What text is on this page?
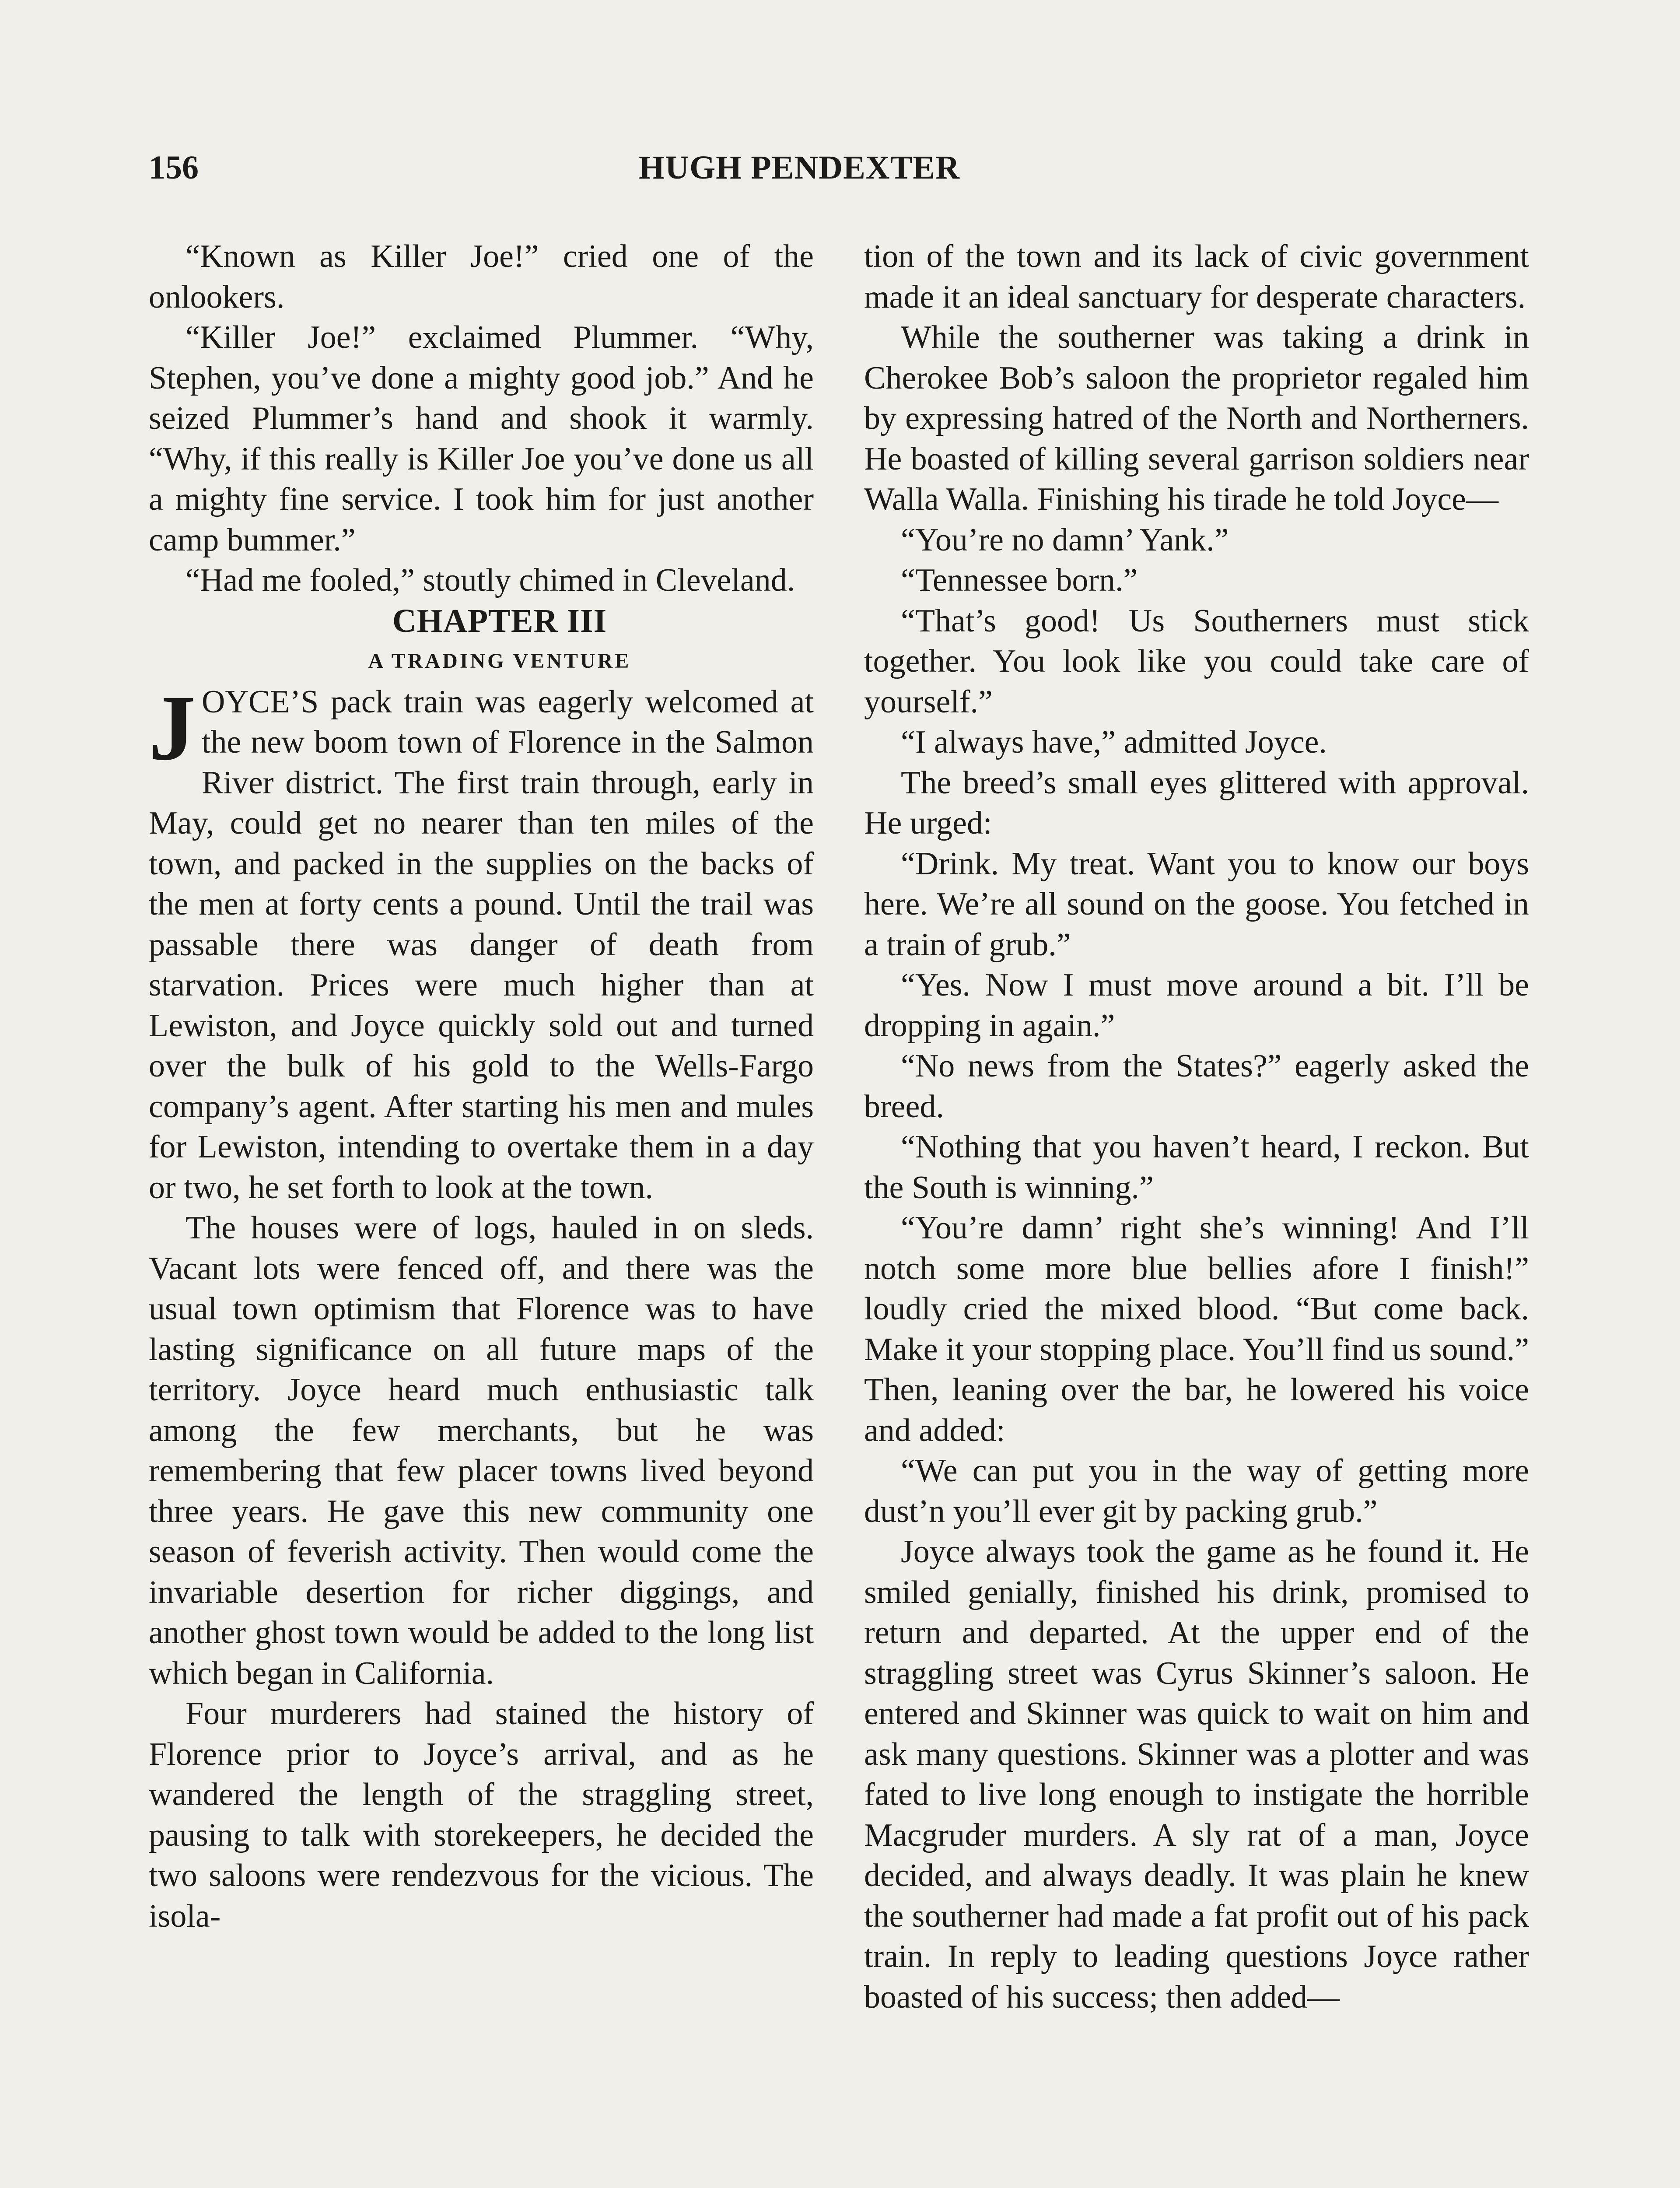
156	HUGH PENDEXTER

“Known as Killer Joe!” cried one of the onlookers.

“Killer Joe!” exclaimed Plummer. “Why, Stephen, you’ve done a mighty good job.” And he seized Plummer’s hand and shook it warmly. “Why, if this really is Killer Joe you’ve done us all a mighty fine service. I took him for just another camp bummer.”

“Had me fooled,” stoutly chimed in Cleveland.

CHAPTER III

A TRADING VENTURE

JOYCE’S pack train was eagerly welcomed at the new boom town of Florence in the Salmon River district. The first train through, early in May, could get no nearer than ten miles of the town, and packed in the supplies on the backs of the men at forty cents a pound. Until the trail was passable there was danger of death from starvation. Prices were much higher than at Lewiston, and Joyce quickly sold out and turned over the bulk of his gold to the Wells-Fargo company’s agent. After starting his men and mules for Lewiston, intending to overtake them in a day or two, he set forth to look at the town.

The houses were of logs, hauled in on sleds. Vacant lots were fenced off, and there was the usual town optimism that Florence was to have lasting significance on all future maps of the territory. Joyce heard much enthusiastic talk among the few merchants, but he was remembering that few placer towns lived beyond three years. He gave this new community one season of feverish activity. Then would come the invariable desertion for richer diggings, and another ghost town would be added to the long list which began in California.

Four murderers had stained the history of Florence prior to Joyce’s arrival, and as he wandered the length of the straggling street, pausing to talk with storekeepers, he decided the two saloons were rendezvous for the vicious. The isola-

tion of the town and its lack of civic government made it an ideal sanctuary for desperate characters.

While the southerner was taking a drink in Cherokee Bob’s saloon the proprietor regaled him by expressing hatred of the North and Northerners. He boasted of killing several garrison soldiers near Walla Walla. Finishing his tirade he told Joyce—

“You’re no damn’ Yank.”

“Tennessee born.”

“That’s good! Us Southerners must stick together. You look like you could take care of yourself.”

“I always have,” admitted Joyce.

The breed’s small eyes glittered with approval. He urged:

“Drink. My treat. Want you to know our boys here. We’re all sound on the goose. You fetched in a train of grub.”

“Yes. Now I must move around a bit. I’ll be dropping in again.”

“No news from the States?” eagerly asked the breed.

“Nothing that you haven’t heard, I reckon. But the South is winning.”

“You’re damn’ right she’s winning! And I’ll notch some more blue bellies afore I finish!” loudly cried the mixed blood. “But come back. Make it your stopping place. You’ll find us sound.” Then, leaning over the bar, he lowered his voice and added:

“We can put you in the way of getting more dust’n you’ll ever git by packing grub.”

Joyce always took the game as he found it. He smiled genially, finished his drink, promised to return and departed. At the upper end of the straggling street was Cyrus Skinner’s saloon. He entered and Skinner was quick to wait on him and ask many questions. Skinner was a plotter and was fated to live long enough to instigate the horrible Macgruder murders. A sly rat of a man, Joyce decided, and always deadly. It was plain he knew the southerner had made a fat profit out of his pack train. In reply to leading questions Joyce rather boasted of his success; then added—
